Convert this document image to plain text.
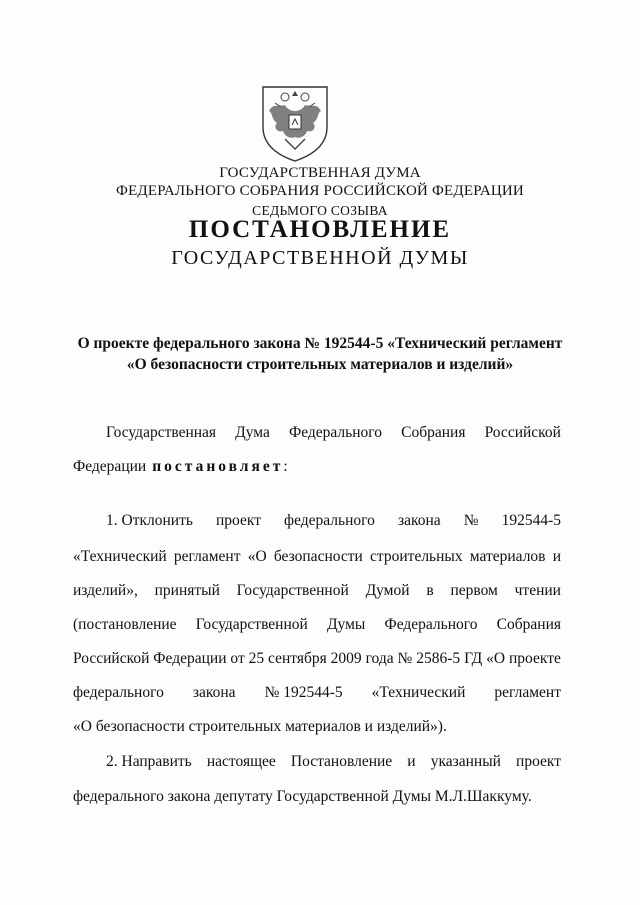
ГОСУДАРСТВЕННАЯ ДУМА
ФЕДЕРАЛЬНОГО СОБРАНИЯ РОССИЙСКОЙ ФЕДЕРАЦИИ
СЕДЬМОГО СОЗЫВА
ПОСТАНОВЛЕНИЕ
ГОСУДАРСТВЕННОЙ ДУМЫ
О проекте федерального закона № 192544-5 «Технический регламент
«О безопасности строительных материалов и изделий»
Государственная Дума Федерального Собрания Российской
Федерации постановляет :
1. Отклонить проект федерального закона № 192544-5
«Технический регламент «О безопасности строительных материалов и
изделий», принятый Государственной Думой в первом чтении
(постановление Государственной Думы Федерального Собрания
Российской Федерации от 25 сентября 2009 года № 2586-5 ГД «О проекте
федерального закона № 192544-5 «Технический регламент
«О безопасности строительных материалов и изделий»).
2. Направить настоящее Постановление и указанный проект
федерального закона депутату Государственной Думы М.Л.Шаккуму.
